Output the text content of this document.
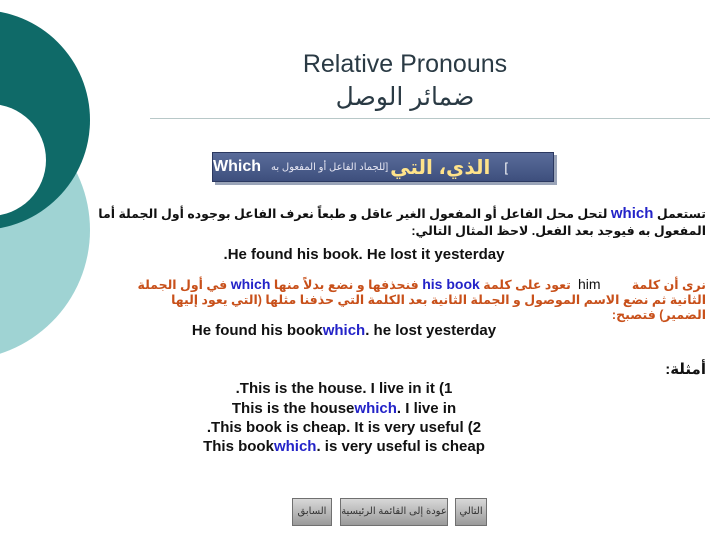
Relative Pronouns
ضمائر الوصل
]
الذي، التي
[للجماد الفاعل أو المفعول به
Which
تستعمل which لتحل محل الفاعل أو المفعول الغير عاقل و طبعاً نعرف الفاعل بوجوده أول الجملة أما
المفعول به فيوجد بعد الفعل. لاحظ المثال التالي:
.He found his book. He lost it yesterday
نرى أن كلمة  تعود على كلمة his book فنحذفها و نضع بدلاً منها which في أول الجملة	him
الثانية ثم نضع الاسم الموصول و الجملة الثانية بعد الكلمة التي حذفنا مثلها (التي يعود إليها
الضمير) فتصبح:
He found his bookwhich. he lost yesterday
أمثلة:
.This is the house. I live in it (1
This is the housewhich. I live in
.This book is cheap. It is very useful (2
This bookwhich. is very useful is cheap
السابق	عودة إلى القائمة الرئيسية	التالي
